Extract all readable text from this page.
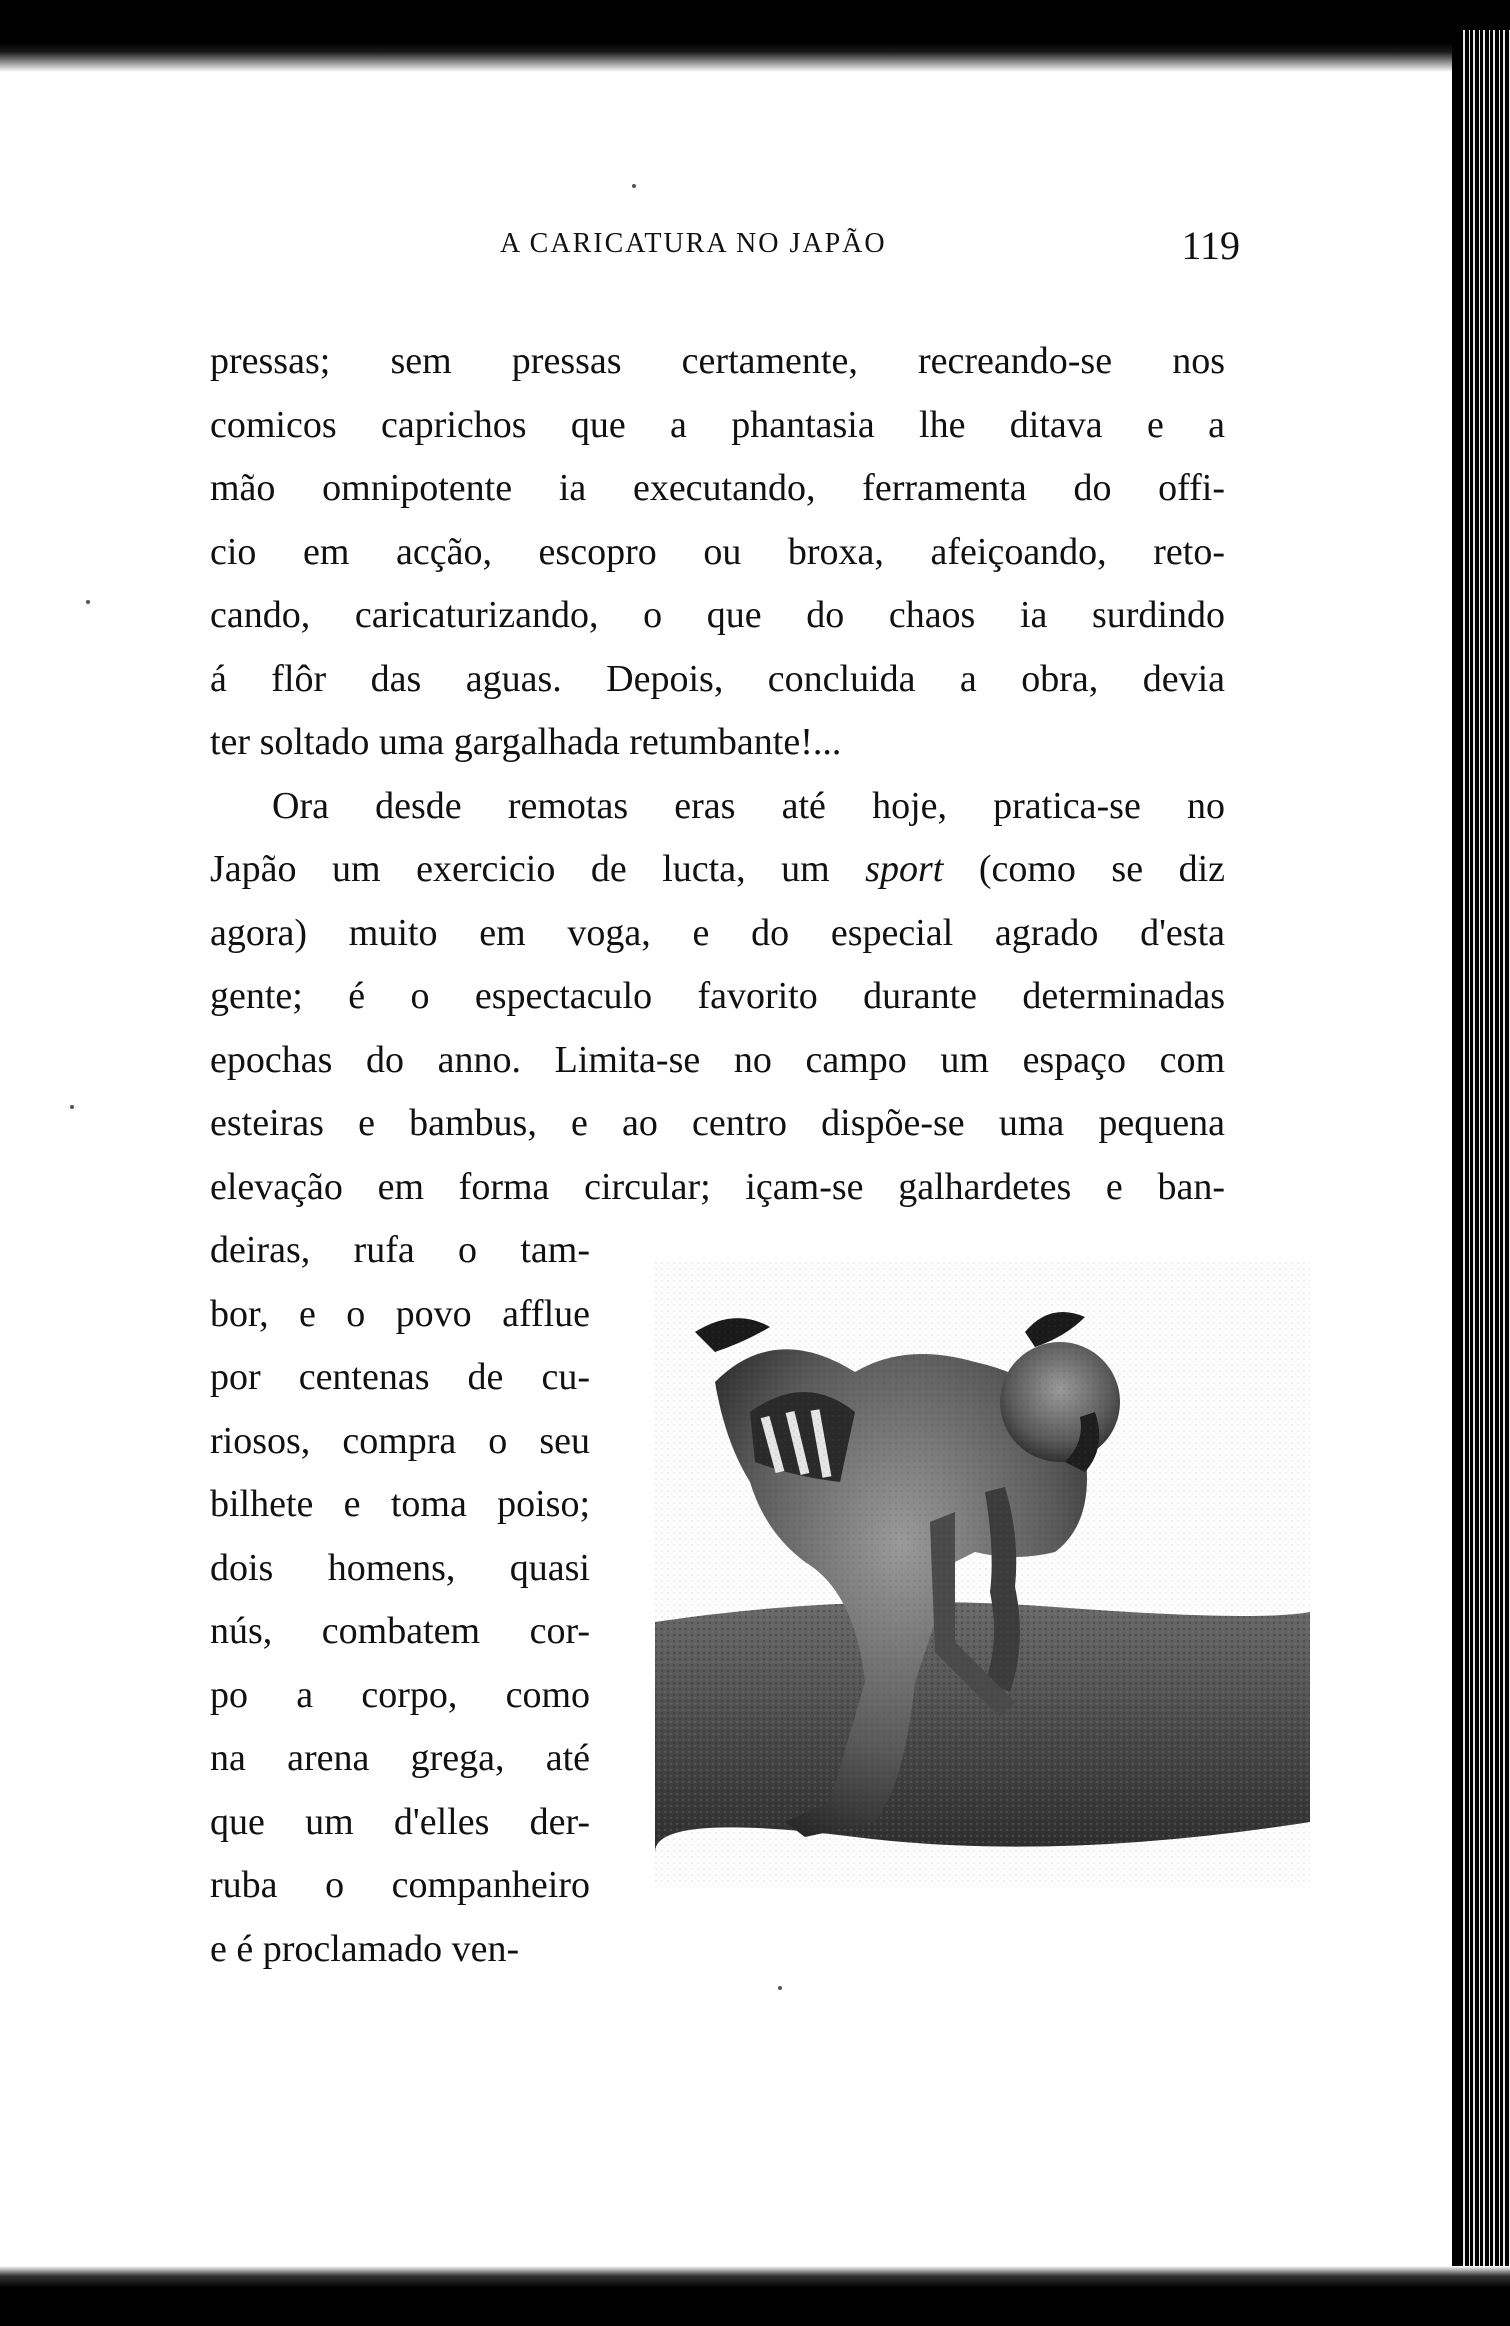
A CARICATURA NO JAPÃO	119
pressas; sem pressas certamente, recreando-se nos
comicos caprichos que a phantasia lhe ditava e a
mão omnipotente ia executando, ferramenta do offi-
cio em acção, escopro ou broxa, afeiçoando, reto-
cando, caricaturizando, o que do chaos ia surdindo
á flôr das aguas. Depois, concluida a obra, devia
ter soltado uma gargalhada retumbante!...
Ora desde remotas eras até hoje, pratica-se no
Japão um exercicio de lucta, um sport (como se diz
agora) muito em voga, e do especial agrado d'esta
gente; é o espectaculo favorito durante determinadas
epochas do anno. Limita-se no campo um espaço com
esteiras e bambus, e ao centro dispõe-se uma pequena
elevação em forma circular; içam-se galhardetes e ban-
deiras, rufa o tam-
bor, e o povo afflue
por centenas de cu-
riosos, compra o seu
bilhete e toma poiso;
dois homens, quasi
nús, combatem cor-
po a corpo, como
na arena grega, até
que um d'elles der-
ruba o companheiro
e é proclamado ven-
